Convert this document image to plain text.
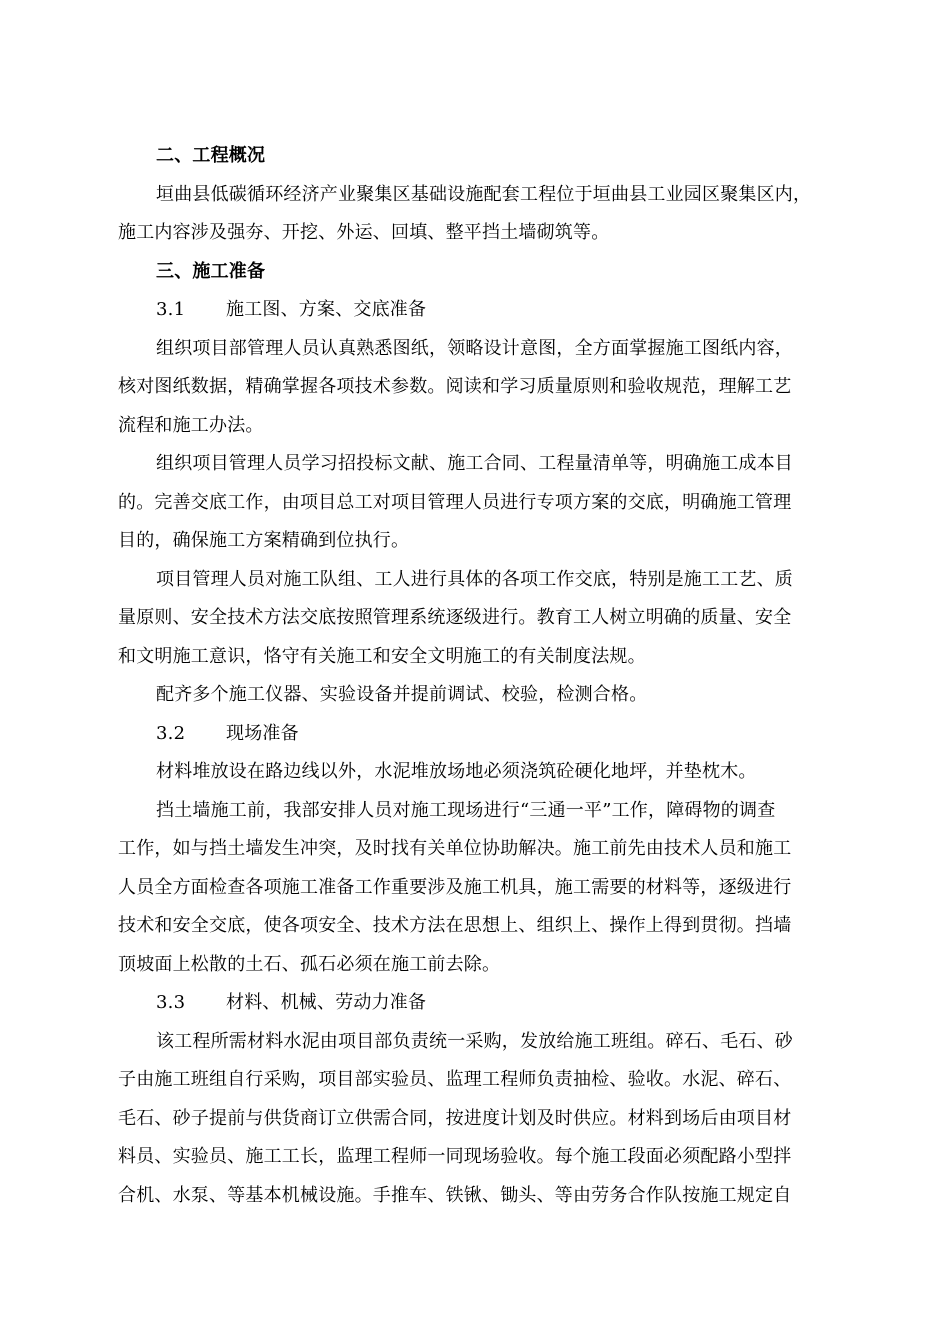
二、工程概况
垣曲县低碳循环经济产业聚集区基础设施配套工程位于垣曲县工业园区聚集区内，
施工内容涉及强夯、开挖、外运、回填、整平挡土墙砌筑等。
三、施工准备
3.1 施工图、方案、交底准备
组织项目部管理人员认真熟悉图纸，领略设计意图，全方面掌握施工图纸内容，
核对图纸数据，精确掌握各项技术参数。阅读和学习质量原则和验收规范，理解工艺
流程和施工办法。
组织项目管理人员学习招投标文献、施工合同、工程量清单等，明确施工成本目
的。完善交底工作，由项目总工对项目管理人员进行专项方案的交底，明确施工管理
目的，确保施工方案精确到位执行。
项目管理人员对施工队组、工人进行具体的各项工作交底，特别是施工工艺、质
量原则、安全技术方法交底按照管理系统逐级进行。教育工人树立明确的质量、安全
和文明施工意识，恪守有关施工和安全文明施工的有关制度法规。
配齐多个施工仪器、实验设备并提前调试、校验，检测合格。
3.2 现场准备
材料堆放设在路边线以外，水泥堆放场地必须浇筑砼硬化地坪，并垫枕木。
挡土墙施工前，我部安排人员对施工现场进行“三通一平”工作，障碍物的调查
工作，如与挡土墙发生冲突，及时找有关单位协助解决。施工前先由技术人员和施工
人员全方面检查各项施工准备工作重要涉及施工机具，施工需要的材料等，逐级进行
技术和安全交底，使各项安全、技术方法在思想上、组织上、操作上得到贯彻。挡墙
顶坡面上松散的土石、孤石必须在施工前去除。
3.3 材料、机械、劳动力准备
该工程所需材料水泥由项目部负责统一采购，发放给施工班组。碎石、毛石、砂
子由施工班组自行采购，项目部实验员、监理工程师负责抽检、验收。水泥、碎石、
毛石、砂子提前与供货商订立供需合同，按进度计划及时供应。材料到场后由项目材
料员、实验员、施工工长，监理工程师一同现场验收。每个施工段面必须配路小型拌
合机、水泵、等基本机械设施。手推车、铁锹、锄头、等由劳务合作队按施工规定自
